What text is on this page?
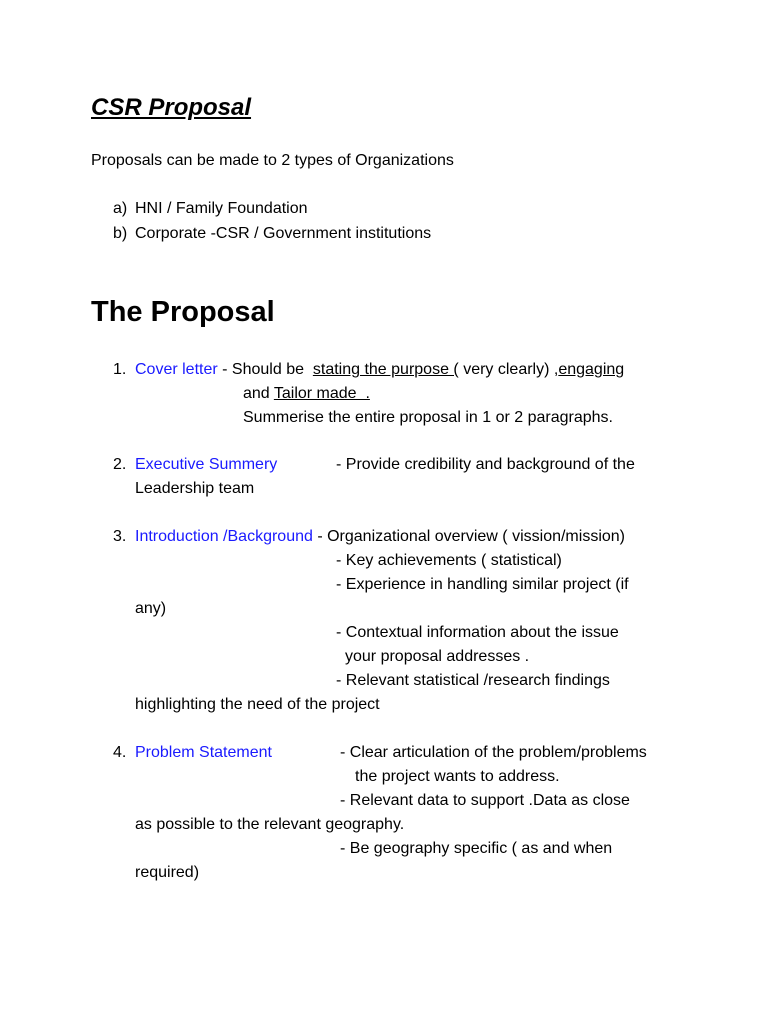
CSR Proposal
Proposals can be made to 2 types of Organizations
a) HNI / Family Foundation
b) Corporate -CSR / Government institutions
The Proposal
1. Cover letter - Should be  stating the purpose ( very clearly) ,engaging
and Tailor made  .
Summerise the entire proposal in 1 or 2 paragraphs.
2. Executive Summery	- Provide credibility and background of the
Leadership team
3. Introduction /Background - Organizational overview ( vission/mission)
- Key achievements ( statistical)
- Experience in handling similar project (if
any)
- Contextual information about the issue
your proposal addresses .
- Relevant statistical /research findings
highlighting the need of the project
4. Problem Statement	- Clear articulation of the problem/problems
the project wants to address.
- Relevant data to support .Data as close
as possible to the relevant geography.
- Be geography specific ( as and when
required)
